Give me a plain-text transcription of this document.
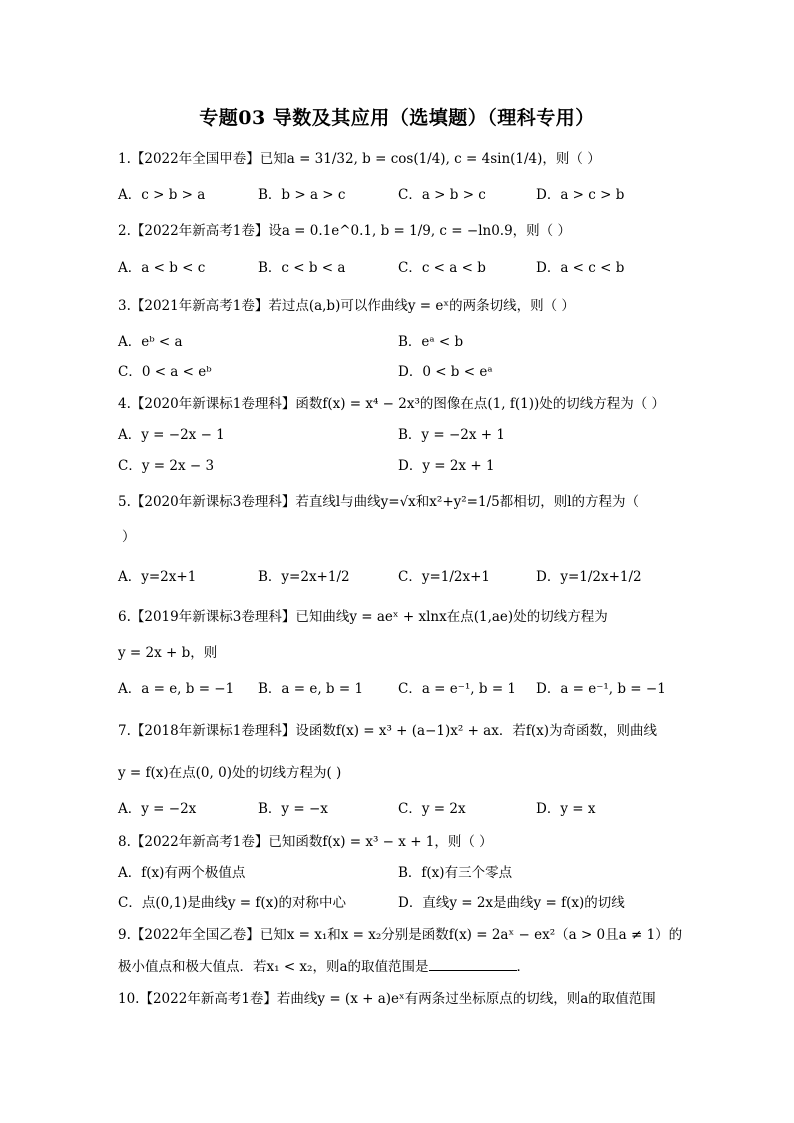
专题03 导数及其应用（选填题）（理科专用）
1.【2022年全国甲卷】已知a = 31/32, b = cos(1/4), c = 4sin(1/4)，则（ ）
A．c > b > a	B．b > a > c	C．a > b > c	D．a > c > b
2.【2022年新高考1卷】设a = 0.1e^0.1, b = 1/9, c = −ln0.9，则（ ）
A．a < b < c	B．c < b < a	C．c < a < b	D．a < c < b
3.【2021年新高考1卷】若过点(a,b)可以作曲线y = eˣ的两条切线，则（ ）
A．eᵇ < a	B．eᵃ < b
C．0 < a < eᵇ	D．0 < b < eᵃ
4.【2020年新课标1卷理科】函数f(x) = x⁴ − 2x³的图像在点(1, f(1))处的切线方程为（ ）
A．y = −2x − 1	B．y = −2x + 1
C．y = 2x − 3	D．y = 2x + 1
5.【2020年新课标3卷理科】若直线l与曲线y=√x和x²+y²=1/5都相切，则l的方程为（
）
A．y=2x+1	B．y=2x+1/2	C．y=1/2x+1	D．y=1/2x+1/2
6.【2019年新课标3卷理科】已知曲线y = aeˣ + xlnx在点(1,ae)处的切线方程为
y = 2x + b，则
A．a = e, b = −1 B．a = e, b = 1	C．a = e⁻¹, b = 1 D．a = e⁻¹, b = −1
7.【2018年新课标1卷理科】设函数f(x) = x³ + (a−1)x² + ax．若f(x)为奇函数，则曲线
y = f(x)在点(0, 0)处的切线方程为( )
A．y = −2x	B．y = −x	C．y = 2x	D．y = x
8.【2022年新高考1卷】已知函数f(x) = x³ − x + 1，则（ ）
A．f(x)有两个极值点	B．f(x)有三个零点
C．点(0,1)是曲线y = f(x)的对称中心	D．直线y = 2x是曲线y = f(x)的切线
9.【2022年全国乙卷】已知x = x₁和x = x₂分别是函数f(x) = 2aˣ − ex²（a > 0且a ≠ 1）的
极小值点和极大值点．若x₁ < x₂，则a的取值范围是	．
10.【2022年新高考1卷】若曲线y = (x + a)eˣ有两条过坐标原点的切线，则a的取值范围
